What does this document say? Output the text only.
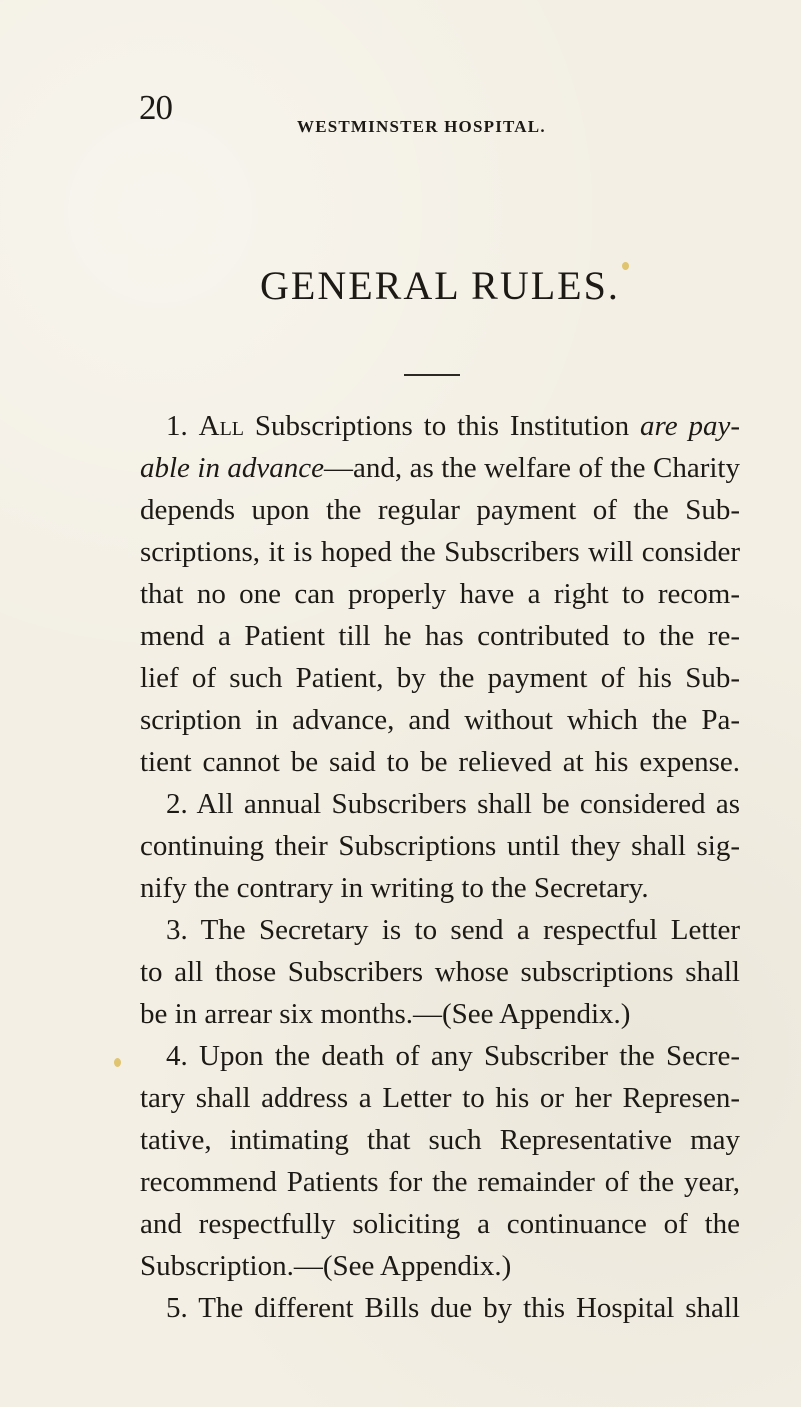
20	WESTMINSTER HOSPITAL.
GENERAL RULES.
1. All Subscriptions to this Institution are pay-
able in advance—and, as the welfare of the Charity
depends upon the regular payment of the Sub-
scriptions, it is hoped the Subscribers will consider
that no one can properly have a right to recom-
mend a Patient till he has contributed to the re-
lief of such Patient, by the payment of his Sub-
scription in advance, and without which the Pa-
tient cannot be said to be relieved at his expense.
2. All annual Subscribers shall be considered as
continuing their Subscriptions until they shall sig-
nify the contrary in writing to the Secretary.
3. The Secretary is to send a respectful Letter
to all those Subscribers whose subscriptions shall
be in arrear six months.—(See Appendix.)
4. Upon the death of any Subscriber the Secre-
tary shall address a Letter to his or her Represen-
tative, intimating that such Representative may
recommend Patients for the remainder of the year,
and respectfully soliciting a continuance of the
Subscription.—(See Appendix.)
5. The different Bills due by this Hospital shall
